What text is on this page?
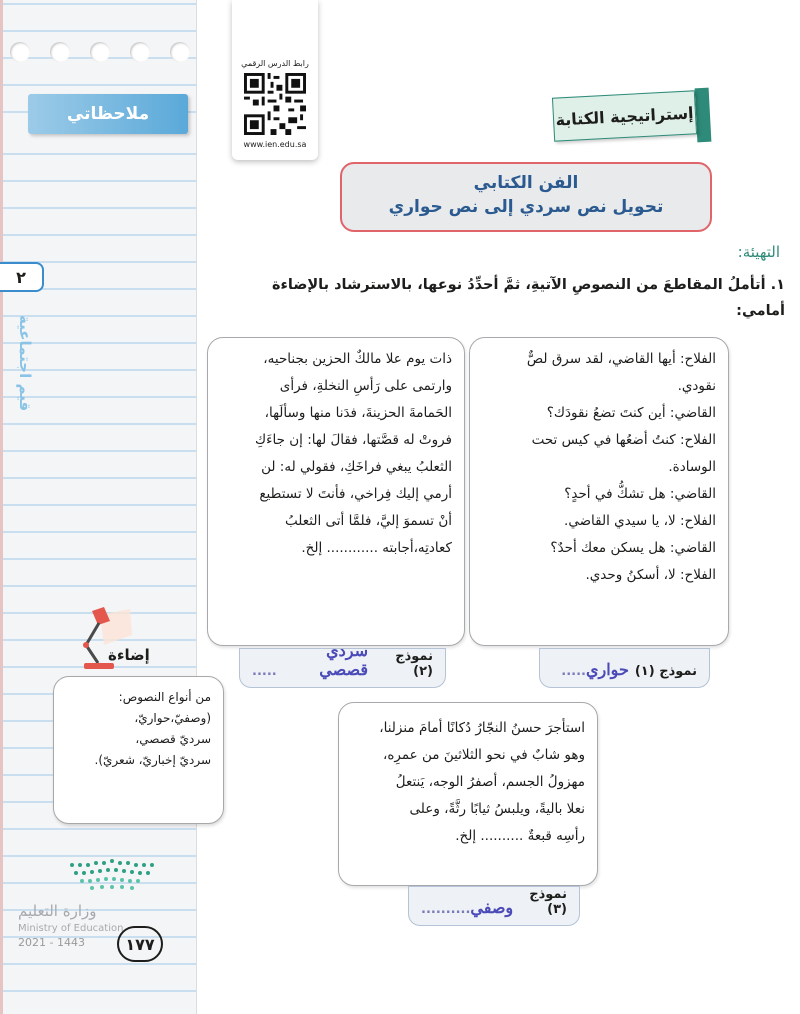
ملاحظاتي
٢
قيم اجتماعية
إضاءة
من أنواع النصوص:
(وصفيّ،حواريّ،
سرديّ قصصي،
سرديّ إخباريّ، شعريّ).
وزارة التعليم
Ministry of Education
2021 - 1443	١٧٧
رابط الدرس الرقمي
www.ien.edu.sa
إستراتيجية الكتابة
الفن الكتابي
تحويل نص سردي إلى نص حواري
التهيئة:
١. أتأملُ المقاطعَ من النصوصِ الآتيةِ، ثمَّ أحدِّدُ نوعها، بالاسترشاد بالإضاءة أمامي:
الفلاح: أيها القاضي، لقد سرق لصٌّ
نقودي.
القاضي: أين كنتَ تضعُ نقودَك؟
الفلاح: كنتُ أضعُها في كيس تحت
الوسادة.
القاضي: هل تشكُّ في أحدٍ؟
الفلاح: لا، يا سيدي القاضي.
القاضي: هل يسكن معك أحدٌ؟
الفلاح: لا، أسكنُ وحدي.
نموذج (١)
حواري
.....
ذات يوم علا مالكٌ الحزين بجناحيه،
وارتمى على رَأسِ النخلةِ، فرأى
الحَمامةَ الحزينةَ، فدَنا منها وسألَها،
فروتْ له قصَّتها، فقالَ لها: إن جاءَكِ
الثعلبُ يبغي فراخَكِ، فقولي له: لن
أرمي إليك فِراخي، فأنتَ لا تستطيع
أنْ تسموَ إليَّ، فلمَّا أتى الثعلبُ
كعادتِه،أجابته ............ إلخ.
نموذج (٢)
سردي قصصي
.....
استأجرَ حسنُ النجّارُ دُكانًا أمامَ منزلنا،
وهو شابٌ في نحو الثلاثينَ من عمرِه،
مهزولُ الجسم، أصفرُ الوجه، يَنتعلُ
نعلا باليةً، ويلبسُ ثيابًا رثَّةً، وعلى
رأسِه قبعةٌ .......... إلخ.
نموذج (٣)
وصفي
..........
